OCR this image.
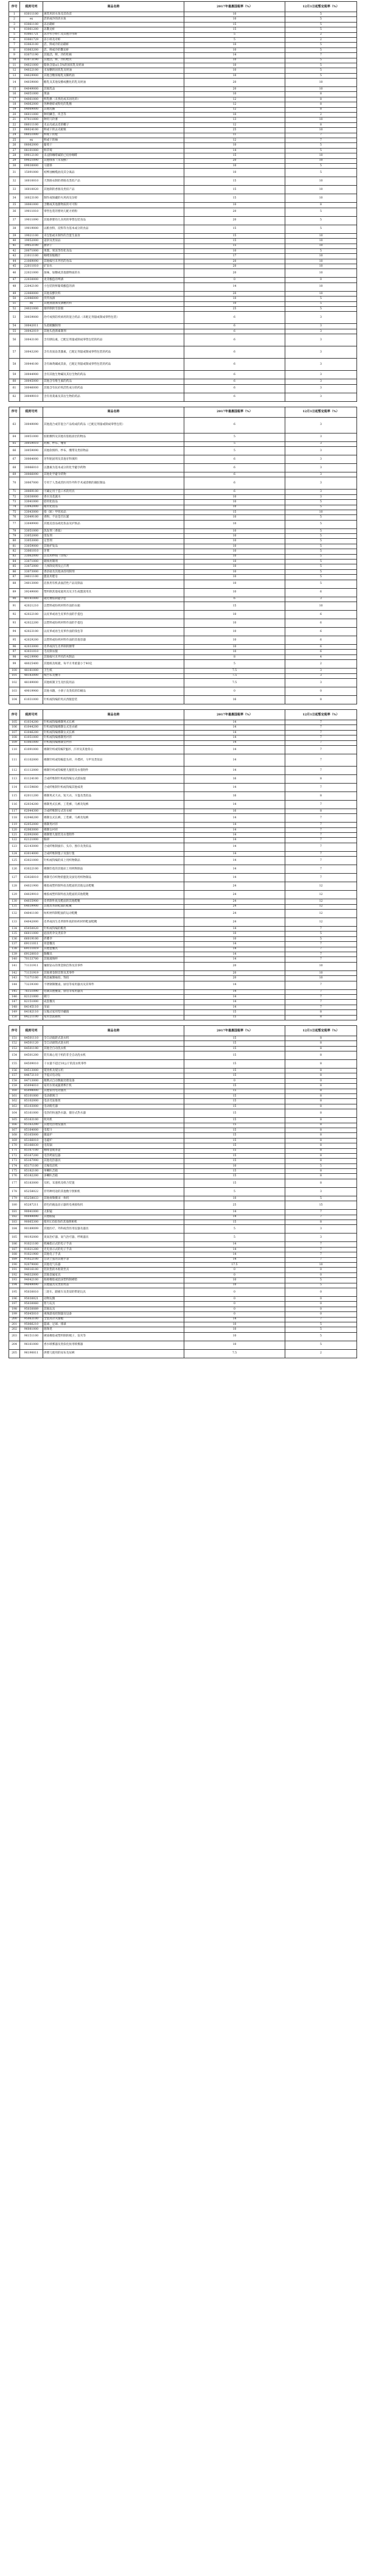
序号	税则号列	商品名称	2017年最惠国税率（%）	12月1日起暂定税率（%）
1	03011100	观赏用淡水鱼及其鱼苗	10	5
2	ex	活的或冷的淡水鱼	10	5
3	03061100	冻岩礁虾	15	5
4	03061200	冻鳌龙虾	15	5
5	03061721	冻冷水小虾仁及其他冷水虾	5	2
6	03061729	冻小虾及对虾	5	2
7	03063100	活、鲜或冷的岩礁虾	10	5
8	03063200	活、鲜或冷的鳌龙虾	10	5
9	03071190	其他活、鲜、冷的牡蛎	14	7
10	03073190	其他活、鲜、冷的贻贝	10	5
11	04021000	脂肪含量≤1.5%的固状乳及奶油	10	5
12	04022100	未加糖的固状乳及奶油	10	5
13	04029900	其他含糖浓缩乳及稀奶油	10	5
14	04039000	酪乳及其他发酵或酸化的乳及奶油	20	10
15	04049000	其他乳品	20	10
16	04051000	黄油	10	8
17	04061000	鲜乳酪（未熟化或未固化的）	12	8
18	04062000	各种磨碎或粉化的乳酪	12	8
19	04069000	其他乳酪	12	8
20	06011000	种用鳞茎、块茎等	10	2
21	07011000	种用马铃薯	13	10
22	08011100	未去壳或去皮的椰子	12	8
23	08024100	鲜或干的去壳板栗	25	10
24	08051000	鲜或干的橙	11	7
25	ex	鲜或干的柚	12	7
26	08062000	葡萄干	10	5
27	08101000	鲜草莓	14	5
28	09012100	未浸除咖啡碱的已焙炒咖啡	15	10
29	09021090	其他绿茶（未发酵）	20	10
30	09030000	马黛茶	10	5
31	15091000	初榨油橄榄油及其分离品	10	5
32	16010010	天然肠衣制的香肠及类似产品	15	10
33	16010020	其他制的香肠及类似产品	15	10
34	16023100	制作或保藏的火鸡肉及杂碎	15	10
35	18061000	含糖或其他甜物质的可可粉	10	8
36	19011010	零售包装的婴幼儿配方奶粉	20	5
37	19011090	其他供婴幼儿食用的零售包装食品	20	5
38	19019000	以粮食粉、淀粉等为基本成分的食品	15	5
39	19021100	未包馅或未制作的含蛋生面食	15	10
40	19052000	姜饼及类似品	15	10
41	19053100	甜饼干	15	10
42	20071000	果酱、果冻等均化食品	10	5
43	21011100	咖啡浓缩精汁	17	10
44	21069090	其他编号未列名的食品	20	10
45	22011010	矿泉水	20	10
46	22021000	加味、加糖或其他甜物质的水	20	10
47	22030000	麦芽酿造的啤酒	0	0
48	22042100	小包装的鲜葡萄酿造的酒	14	10
49	22060000	其他发酵饮料	20	10
50	22086000	伏特加酒	10	5
51	ex	其他蒸馏酒及酒精饮料	10	5
52	24021000	烟草制的雪茄烟	25	5
53	30039000	治疗或预防疾病用的混合药品（未配定剂量或制成零售包装）	6	3
54	30042011	头孢哌酮制剂	6	3
55	30042019	其他头孢菌素制剂	6	3
56	30043100	含有胰岛素，已配定剂量或制成零售包装的药品	6	3
57	30043200	含有皮质甾类激素，已配定剂量或制成零售包装的药品	6	3
58	30044100	含有麻黄碱或其盐，已配定剂量或制成零售包装的药品	6	3
59	30044900	含有其他生物碱及其衍生物的药品	6	3
60	30045000	其他含有维生素的药品	6	3
61	30046000	其他含有抗疟疾活性成分的药品	6	3
62	30049010	含有青蒿素及其衍生物的药品	6	3
序号	税则号列	商品名称	2017年最惠国税率（%）	12月1日起暂定税率（%）
63	30049090	其他混合或非混合产品构成的药品（已配定剂量或制成零售包装）	6	3
64	30051000	胶粘敷料及其他有胶粘涂层的物品	5	3
65	30059010	药棉、纱布、绷带	5	3
66	30059090	其他软填料、纱布、绷带及类似物品	5	3
67	30064000	牙科粘固剂及其他牙科填料	6	3
68	30066010	以激素为基本成分的化学避孕药物	6	3
69	30066090	其他化学避孕药物	6	3
70	30067000	专用于人类或兽医用作外科手术或诊断的凝胶制品	6	3
71	30069100	可确定用于造口术的用具	6	3
72	33030000	香水及花露水	10	3
73	33041000	唇用化妆品	10	5
74	33042000	眼用化妆品	10	5
75	33043000	指（趾）甲化妆品	15	10
76	33049100	香粉，不论是否压紧	10	5
77	33049900	其他美容品或化妆品及护肤品	10	5
78	33051000	洗发剂（香波）	10	5
79	33052000	烫发剂	10	5
80	33053000	定型剂	10	5
81	33059000	其他护发品	10	5
82	33061010	牙膏	10	5
83	33062000	洁齿用纱线（牙线）	10	5
84	33071000	剃须用制剂	10	5
85	33072000	人体除臭剂及止汗剂	10	5
86	33073000	香浴盐及其他沐浴用制剂	10	5
87	34011100	盥洗用肥皂	10	5
88	34013000	洁肤用有机表面活性产品及制品	10	5
89	39249000	塑料制其他家庭用具及卫生或盥洗用具	10	6
90	40141000	硫化橡胶制避孕套	6	3
91	42021210	以塑料或纺织材料作面的衣箱	15	10
92	42022100	以皮革或再生皮革作面的手提包	10	6
93	42022200	以塑料或纺织材料作面的手提包	10	6
94	42023100	以皮革或再生皮革作面的钱包等	10	6
95	42029200	以塑料或纺织材料作面的其他容器	10	6
96	42033000	皮革或再生皮革制的腰带	10	6
97	43031010	毛皮制衣服	10	6
98	44219990	其他编号未列名的木制品	8	4
99	48025400	其他纸及纸板，每平方米重量小于40克	5	2
100	48181000	卫生纸	7.5	3
101	48183000	纸台布及餐巾	7.5	3
102	48189000	其他纸制卫生及医院用品	7.5	3
103	49019900	其他书籍、小册子及类似的印刷品	0	0
104	61031000	针织或钩编的男式西服套装	16	8
序号	税则号列	商品名称	2017年最惠国税率（%）	12月1日起暂定税率（%）
105	61034200	针织或钩编棉制男式长裤	14	7
106	61044200	针织或钩编棉制女式连衣裙	14	7
107	61046200	针织或钩编棉制女式长裤	14	7
108	61051000	针织或钩编棉制男衬衫	14	7
109	61061000	针织或钩编棉制女衬衫	14	7
110	61091000	棉制针织或钩编T恤衫、汗衫及其他背心	14	7
111	61102000	棉制针织或钩编套头衫、开襟衫、马甲及类似品	14	7
112	61112000	棉制针织或钩编婴儿服装及衣着附件	14	7
113	61124100	合成纤维制针织或钩编女式游泳服	16	8
114	61159600	合成纤维制针织或钩编其他袜类	14	7
115	62011200	棉制男式大衣、短大衣、斗篷及类似品	16	8
116	62034200	棉制男式长裤、工装裤、马裤及短裤	14	7
117	62044300	合成纤维制女式连衣裙	16	8
118	62046200	棉制女式长裤、工装裤、马裤及短裤	14	7
119	62052000	棉制男衬衫	14	7
120	62063000	棉制女衬衫	14	7
121	62092000	棉制婴儿服装及衣着附件	14	7
122	62121000	胸罩	14	7
123	62143000	合成纤维制披巾、头巾、围巾及类似品	14	7
124	63014000	合成纤维制毯子及旅行毯	14	7
125	63021000	针织或钩编的床上用织物制品	14	7
126	63022100	棉制印花的其他床上用织物制品	14	7
127	63026010	棉制毛巾织物的盥洗及厨房用织物制品	14	7
128	64021900	橡胶或塑料制外底及鞋面的其他运动鞋靴	24	12
129	64029910	橡胶或塑料制外底及鞋面的其他鞋靴	24	12
130	64035900	皮革制外底及鞋面的其他鞋靴	24	12
131	64039900	其他皮革制鞋面的鞋靴	24	12
132	64041100	纺织材料制鞋面的运动鞋靴	24	12
133	64042000	皮革或再生皮革制外底的纺织材料鞋面鞋靴	24	12
134	65050020	针织或钩编的帽类	14	7
135	66011000	庭园用伞及类似伞	10	5
136	66019100	折叠伞	10	5
137	69111011	骨瓷餐具	14	7
138	69111019	其他瓷餐具	14	7
139	69120010	陶餐具	14	7
140	70133700	其他玻璃杯	14	7
141	71131911	镶嵌钻石的黄金制首饰及其零件	20	10
142	71131919	其他黄金制首饰及其零件	20	10
143	71171100	贱金属制袖扣、饰扣	20	10
144	73239300	不锈钢制餐桌、厨房等家用器具及其零件	14	7
145	76151090	铝制其他餐桌、厨房等家用器具	14	7
146	82121000	剃刀	14	7
147	82151000	成套餐具	14	7
148	84145110	吊扇	14	7
149	84182110	压缩式家用型冷藏箱	15	8
150	84221100	家用型洗碟机	15	8
序号	税则号列	商品名称	2017年最惠国税率（%）	12月1日起暂定税率（%）
151	84501110	全自动波轮式洗衣机	15	8
152	84501120	全自动滚筒式洗衣机	15	8
153	84501190	其他全自动洗衣机	15	8
154	84501200	装有离心甩干机的非全自动洗衣机	15	8
155	84509010	干衣量不超过10公斤的洗衣机零件	15	8
156	84513000	熨烫机及熨压机	15	8
157	84672110	手提式电动钻	15	8
158	84713000	便携式自动数据处理设备	0	0
159	85094010	家用水果或蔬菜榨汁机	15	8
160	85098000	其他家用电动器具	15	8
161	85101000	电动剃须刀	15	8
162	85102000	电动毛发推剪	15	8
163	85103000	电动脱毛器	15	8
164	85161000	电热的快速热水器、储存式热水器	15	8
165	85163100	吹风机	15	8
166	85163200	其他电热理发器具	15	8
167	85164000	电熨斗	15	8
168	85165000	微波炉	15	8
169	85166010	电磁炉	15	8
170	85166030	电饭锅	15	8
171	85167100	咖啡壶或茶壶	15	8
172	85167200	电热烤面包器	15	8
173	85167990	其他电热器具	15	8
174	85171100	无绳电话机	10	5
175	85182100	单喇叭音箱	15	8
176	85182200	多喇叭音箱	15	8
177	85183000	耳机、耳塞机及组合装置	15	8
178	85258022	非特种用途的其他数字照相机	5	3
179	85258033	其他视频摄录一体机	10	5
180	85287211	彩色的液晶显示器的电视接收机	25	15
181	90041000	太阳镜	14	7
182	90049090	其他眼镜	14	7
183	90065300	使用135胶卷的其他照相机	15	8
184	90189099	其他医疗、外科或兽医用仪器及器具	5	3
185	90192000	臭氧治疗器、氧气治疗器、呼吸器具	5	3
186	91021100	机械指示式的电子手表	14	7
187	91021200	光电显示式的电子手表	14	7
188	91021900	其他电子手表	14	7
189	91022100	自动上弦的其他手表	14	7
190	92079000	其他电气乐器	17.5	10
191	94016100	装软垫的木框架坐具	0	0
192	94032000	其他金属家具	0	0
193	94042100	海绵橡胶或泡沫塑料制褥垫	10	5
194	94049090	其他寝具及类似用品	10	5
195	95030010	三轮车、踏板车及类似的带轮玩具	0	0
196	95030021	动物玩偶	0	0
197	95030060	智力玩具	0	0
198	95030089	其他玩具	0	0
199	95045010	视频游戏控制器及设备	0	0
200	95063100	全套高尔夫球棍	14	7
201	95066210	篮球、足球、排球	10	5
202	96081000	圆珠笔	10	5
203	96151100	硬质橡胶或塑料制的梳子、发夹等	10	5
204	96161000	香水喷雾器及类似化妆用喷雾器	10	5
205	96190011	供婴儿使用的尿布及尿裤	7.5	2
